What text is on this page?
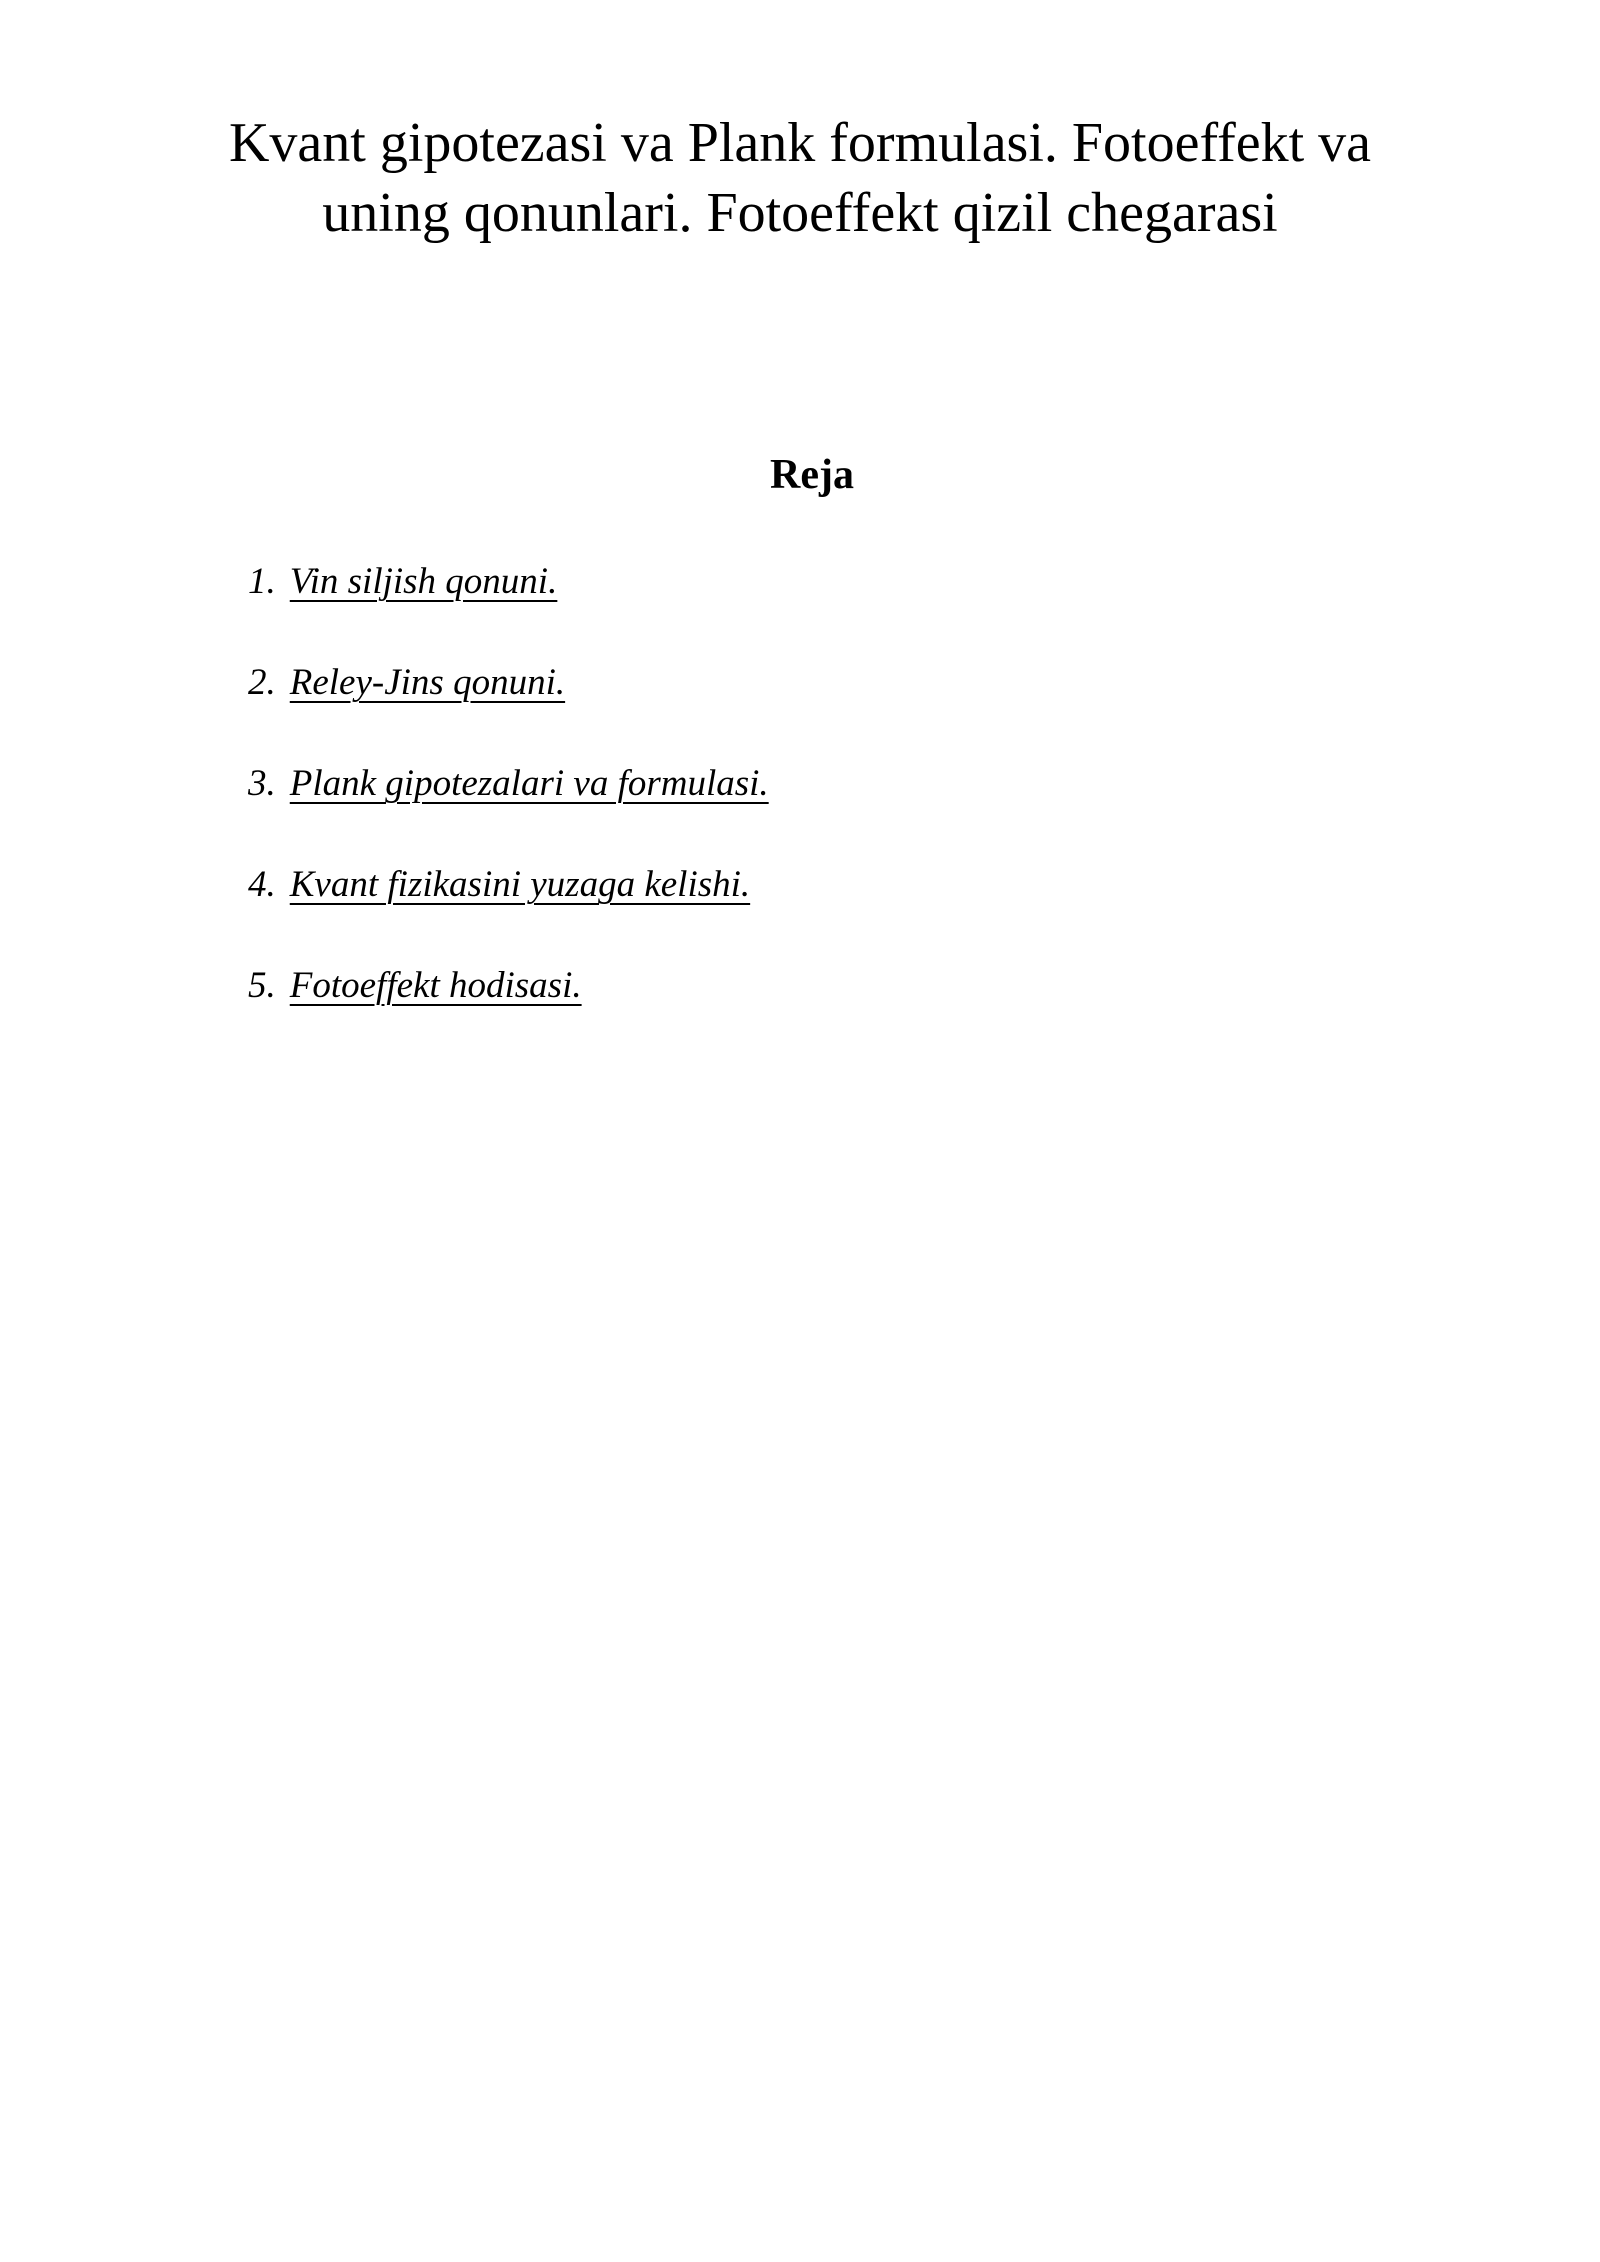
Kvant gipotezasi va Plank formulasi. Fotoeffekt va
uning qonunlari. Fotoeffekt qizil chegarasi
Reja
1. Vin siljish qonuni.
2. Reley-Jins qonuni.
3. Plank gipotezalari va formulasi.
4. Kvant fizikasini yuzaga kelishi.
5. Fotoeffekt hodisasi.
